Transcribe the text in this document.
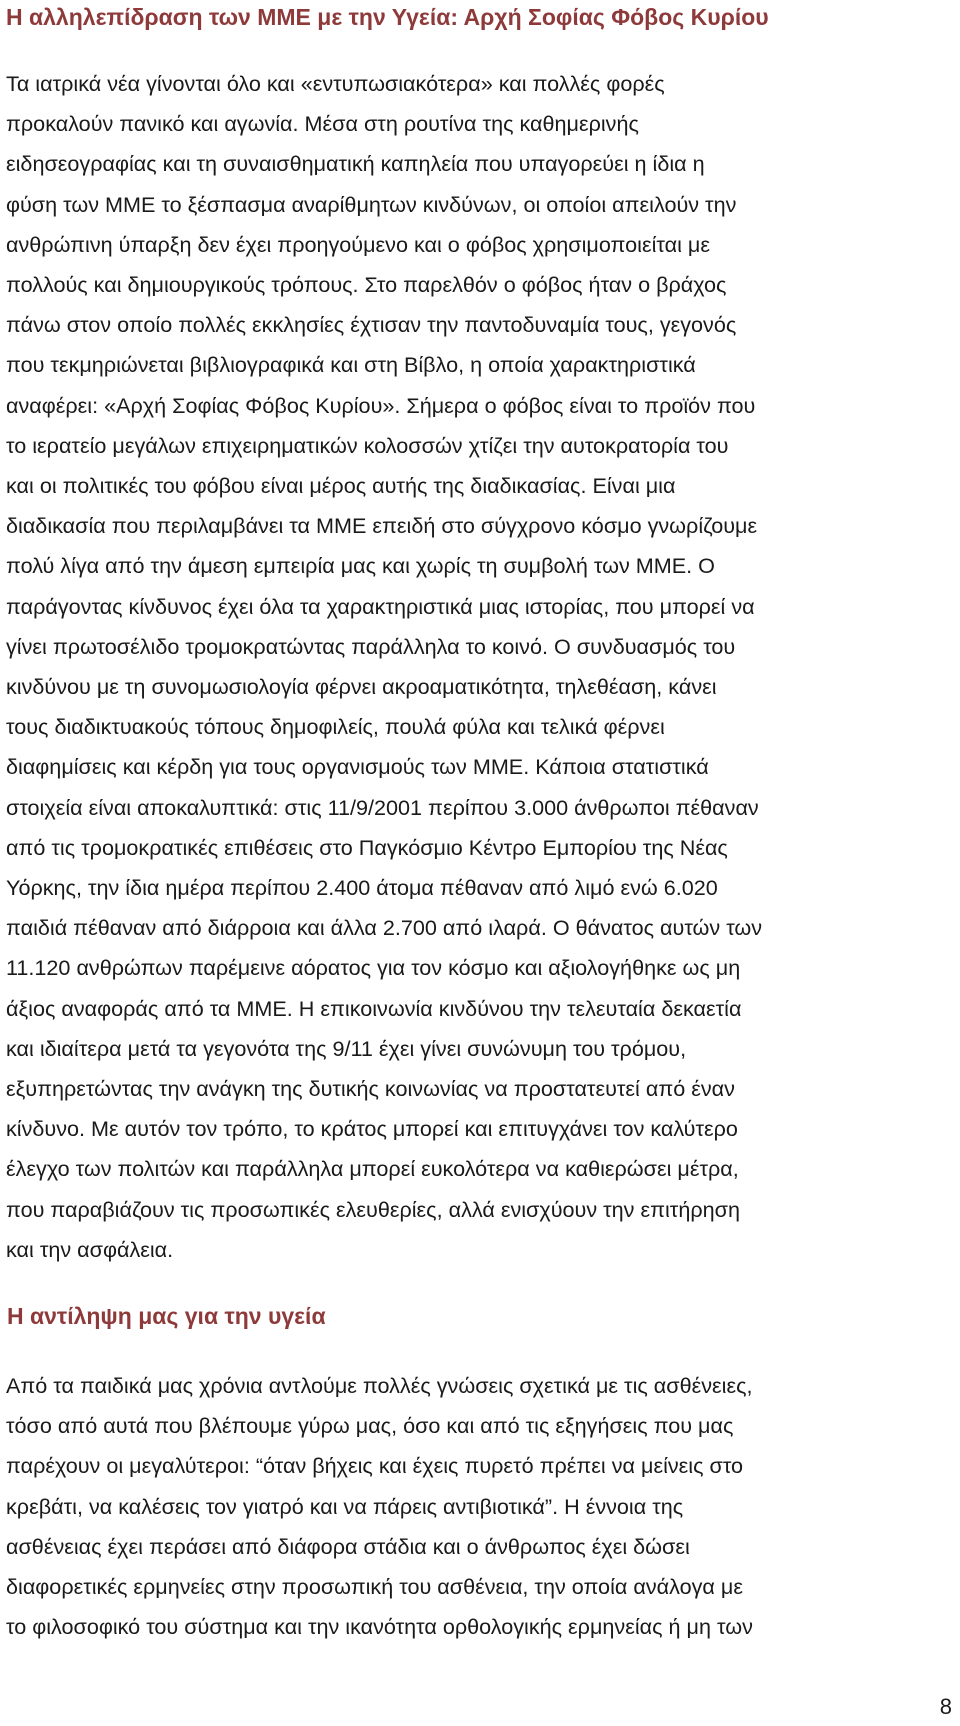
Η αλληλεπίδραση των ΜΜΕ με την Υγεία: Αρχή Σοφίας Φόβος Κυρίου

Τα ιατρικά νέα γίνονται όλο και «εντυπωσιακότερα» και πολλές φορές
προκαλούν πανικό και αγωνία. Μέσα στη ρουτίνα της καθημερινής
ειδησεογραφίας και τη συναισθηματική καπηλεία που υπαγορεύει η ίδια η
φύση των ΜΜΕ το ξέσπασμα αναρίθμητων κινδύνων, οι οποίοι απειλούν την
ανθρώπινη ύπαρξη δεν έχει προηγούμενο και ο φόβος χρησιμοποιείται με
πολλούς και δημιουργικούς τρόπους. Στο παρελθόν ο φόβος ήταν ο βράχος
πάνω στον οποίο πολλές εκκλησίες έχτισαν την παντοδυναμία τους, γεγονός
που τεκμηριώνεται βιβλιογραφικά και στη Βίβλο, η οποία χαρακτηριστικά
αναφέρει: «Αρχή Σοφίας Φόβος Κυρίου». Σήμερα ο φόβος είναι το προϊόν που
το ιερατείο μεγάλων επιχειρηματικών κολοσσών χτίζει την αυτοκρατορία του
και οι πολιτικές του φόβου είναι μέρος αυτής της διαδικασίας. Είναι μια
διαδικασία που περιλαμβάνει τα ΜΜΕ επειδή στο σύγχρονο κόσμο γνωρίζουμε
πολύ λίγα από την άμεση εμπειρία μας και χωρίς τη συμβολή των ΜΜΕ. Ο
παράγοντας κίνδυνος έχει όλα τα χαρακτηριστικά μιας ιστορίας, που μπορεί να
γίνει πρωτοσέλιδο τρομοκρατώντας παράλληλα το κοινό. Ο συνδυασμός του
κινδύνου με τη συνομωσιολογία φέρνει ακροαματικότητα, τηλεθέαση, κάνει
τους διαδικτυακούς τόπους δημοφιλείς, πουλά φύλα και τελικά φέρνει
διαφημίσεις και κέρδη για τους οργανισμούς των ΜΜΕ. Κάποια στατιστικά
στοιχεία είναι αποκαλυπτικά: στις 11/9/2001 περίπου 3.000 άνθρωποι πέθαναν
από τις τρομοκρατικές επιθέσεις στο Παγκόσμιο Κέντρο Εμπορίου της Νέας
Υόρκης, την ίδια ημέρα περίπου 2.400 άτομα πέθαναν από λιμό ενώ 6.020
παιδιά πέθαναν από διάρροια και άλλα 2.700 από ιλαρά. Ο θάνατος αυτών των
11.120 ανθρώπων παρέμεινε αόρατος για τον κόσμο και αξιολογήθηκε ως μη
άξιος αναφοράς από τα ΜΜΕ. Η επικοινωνία κινδύνου την τελευταία δεκαετία
και ιδιαίτερα μετά τα γεγονότα της 9/11 έχει γίνει συνώνυμη του τρόμου,
εξυπηρετώντας την ανάγκη της δυτικής κοινωνίας να προστατευτεί από έναν
κίνδυνο. Με αυτόν τον τρόπο, το κράτος μπορεί και επιτυγχάνει τον καλύτερο
έλεγχο των πολιτών και παράλληλα μπορεί ευκολότερα να καθιερώσει μέτρα,
που παραβιάζουν τις προσωπικές ελευθερίες, αλλά ενισχύουν την επιτήρηση
και την ασφάλεια.

Η αντίληψη μας για την υγεία

Από τα παιδικά μας χρόνια αντλούμε πολλές γνώσεις σχετικά με τις ασθένειες,
τόσο από αυτά που βλέπουμε γύρω μας, όσο και από τις εξηγήσεις που μας
παρέχουν οι μεγαλύτεροι: “όταν βήχεις και έχεις πυρετό πρέπει να μείνεις στο
κρεβάτι, να καλέσεις τον γιατρό και να πάρεις αντιβιοτικά”. Η έννοια της
ασθένειας έχει περάσει από διάφορα στάδια και ο άνθρωπος έχει δώσει
διαφορετικές ερμηνείες στην προσωπική του ασθένεια, την οποία ανάλογα με
το φιλοσοφικό του σύστημα και την ικανότητα ορθολογικής ερμηνείας ή μη των

8
